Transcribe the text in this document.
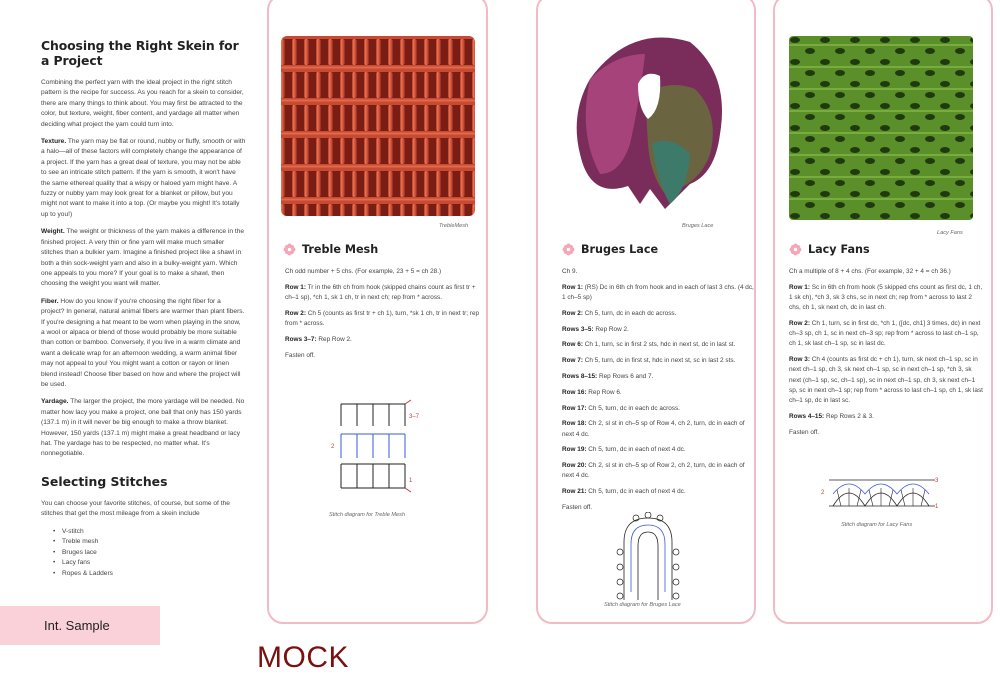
Choosing the Right Skein for a Project

Combining the perfect yarn with the ideal project in the right stitch pattern is the recipe for success. As you reach for a skein to consider, there are many things to think about. You may first be attracted to the color, but texture, weight, fiber content, and yardage all matter when deciding what project the yarn could turn into.

Texture. The yarn may be flat or round, nubby or fluffy, smooth or with a halo—all of these factors will completely change the appearance of a project. If the yarn has a great deal of texture, you may not be able to see an intricate stitch pattern. If the yarn is smooth, it won't have the same ethereal quality that a wispy or haloed yarn might have. A fuzzy or nubby yarn may look great for a blanket or pillow, but you might not want to make it into a top. (Or maybe you might! It's totally up to you!)

Weight. The weight or thickness of the yarn makes a difference in the finished project. A very thin or fine yarn will make much smaller stitches than a bulkier yarn. Imagine a finished project like a shawl in both a thin sock-weight yarn and also in a bulky-weight yarn. Which one appeals to you more? If your goal is to make a shawl, then choosing the weight you want will matter.

Fiber. How do you know if you're choosing the right fiber for a project? In general, natural animal fibers are warmer than plant fibers. If you're designing a hat meant to be worn when playing in the snow, a wool or alpaca or blend of those would probably be more suitable than cotton or bamboo. Conversely, if you live in a warm climate and want a delicate wrap for an afternoon wedding, a warm animal fiber may not appeal to you! You might want a cotton or rayon or linen blend instead! Choose fiber based on how and where the project will be used.

Yardage. The larger the project, the more yardage will be needed. No matter how lacy you make a project, one ball that only has 150 yards (137.1 m) in it will never be big enough to make a throw blanket. However, 150 yards (137.1 m) might make a great headband or lacy hat. The yardage has to be respected, no matter what. It's nonnegotiable.

Selecting Stitches

You can choose your favorite stitches, of course, but some of the stitches that get the most mileage from a skein include

• V-stitch
• Treble mesh
• Bruges lace
• Lacy fans
• Ropes & Ladders
Int. Sample
MOCK
TrebleMesh
Treble Mesh

Ch odd number + 5 chs. (For example, 23 + 5 = ch 28.)

Row 1: Tr in the 6th ch from hook (skipped chains count as first tr + ch–1 sp), *ch 1, sk 1 ch, tr in next ch; rep from * across.

Row 2: Ch 5 (counts as first tr + ch 1), turn, *sk 1 ch, tr in next tr; rep from * across.

Rows 3–7: Rep Row 2.

Fasten off.

3–7
2
1
Stitch diagram for Treble Mesh
Bruges Lace
Bruges Lace

Ch 9.

Row 1: (RS) Dc in 6th ch from hook and in each of last 3 chs. (4 dc, 1 ch–5 sp)

Row 2: Ch 5, turn, dc in each dc across.

Rows 3–5: Rep Row 2.

Row 6: Ch 1, turn, sc in first 2 sts, hdc in next st, dc in last st.

Row 7: Ch 5, turn, dc in first st, hdc in next st, sc in last 2 sts.

Rows 8–15: Rep Rows 6 and 7.

Row 16: Rep Row 6.

Row 17: Ch 5, turn, dc in each dc across.

Row 18: Ch 2, sl st in ch–5 sp of Row 4, ch 2, turn, dc in each of next 4 dc.

Row 19: Ch 5, turn, dc in each of next 4 dc.

Row 20: Ch 2, sl st in ch–5 sp of Row 2, ch 2, turn, dc in each of next 4 dc.

Row 21: Ch 5, turn, dc in each of next 4 dc.

Fasten off.

Stitch diagram for Bruges Lace
Lacy Fans
Lacy Fans

Ch a multiple of 8 + 4 chs. (For example, 32 + 4 = ch 36.)

Row 1: Sc in 6th ch from hook (5 skipped chs count as first dc, 1 ch, 1 sk ch), *ch 3, sk 3 chs, sc in next ch; rep from * across to last 2 chs, ch 1, sk next ch, dc in last ch.

Row 2: Ch 1, turn, sc in first dc, *ch 1, ([dc, ch1] 3 times, dc) in next ch–3 sp, ch 1, sc in next ch–3 sp; rep from * across to last ch–1 sp, ch 1, sk last ch–1 sp, sc in last dc.

Row 3: Ch 4 (counts as first dc + ch 1), turn, sk next ch–1 sp, sc in next ch–1 sp, ch 3, sk next ch–1 sp, sc in next ch–1 sp, *ch 3, sk next (ch–1 sp, sc, ch–1 sp), sc in next ch–1 sp, ch 3, sk next ch–1 sp, sc in next ch–1 sp; rep from * across to last ch–1 sp, ch 1, sk last ch–1 sp, dc in last sc.

Rows 4–15: Rep Rows 2 & 3.

Fasten off.

3
2
1
Stitch diagram for Lacy Fans
